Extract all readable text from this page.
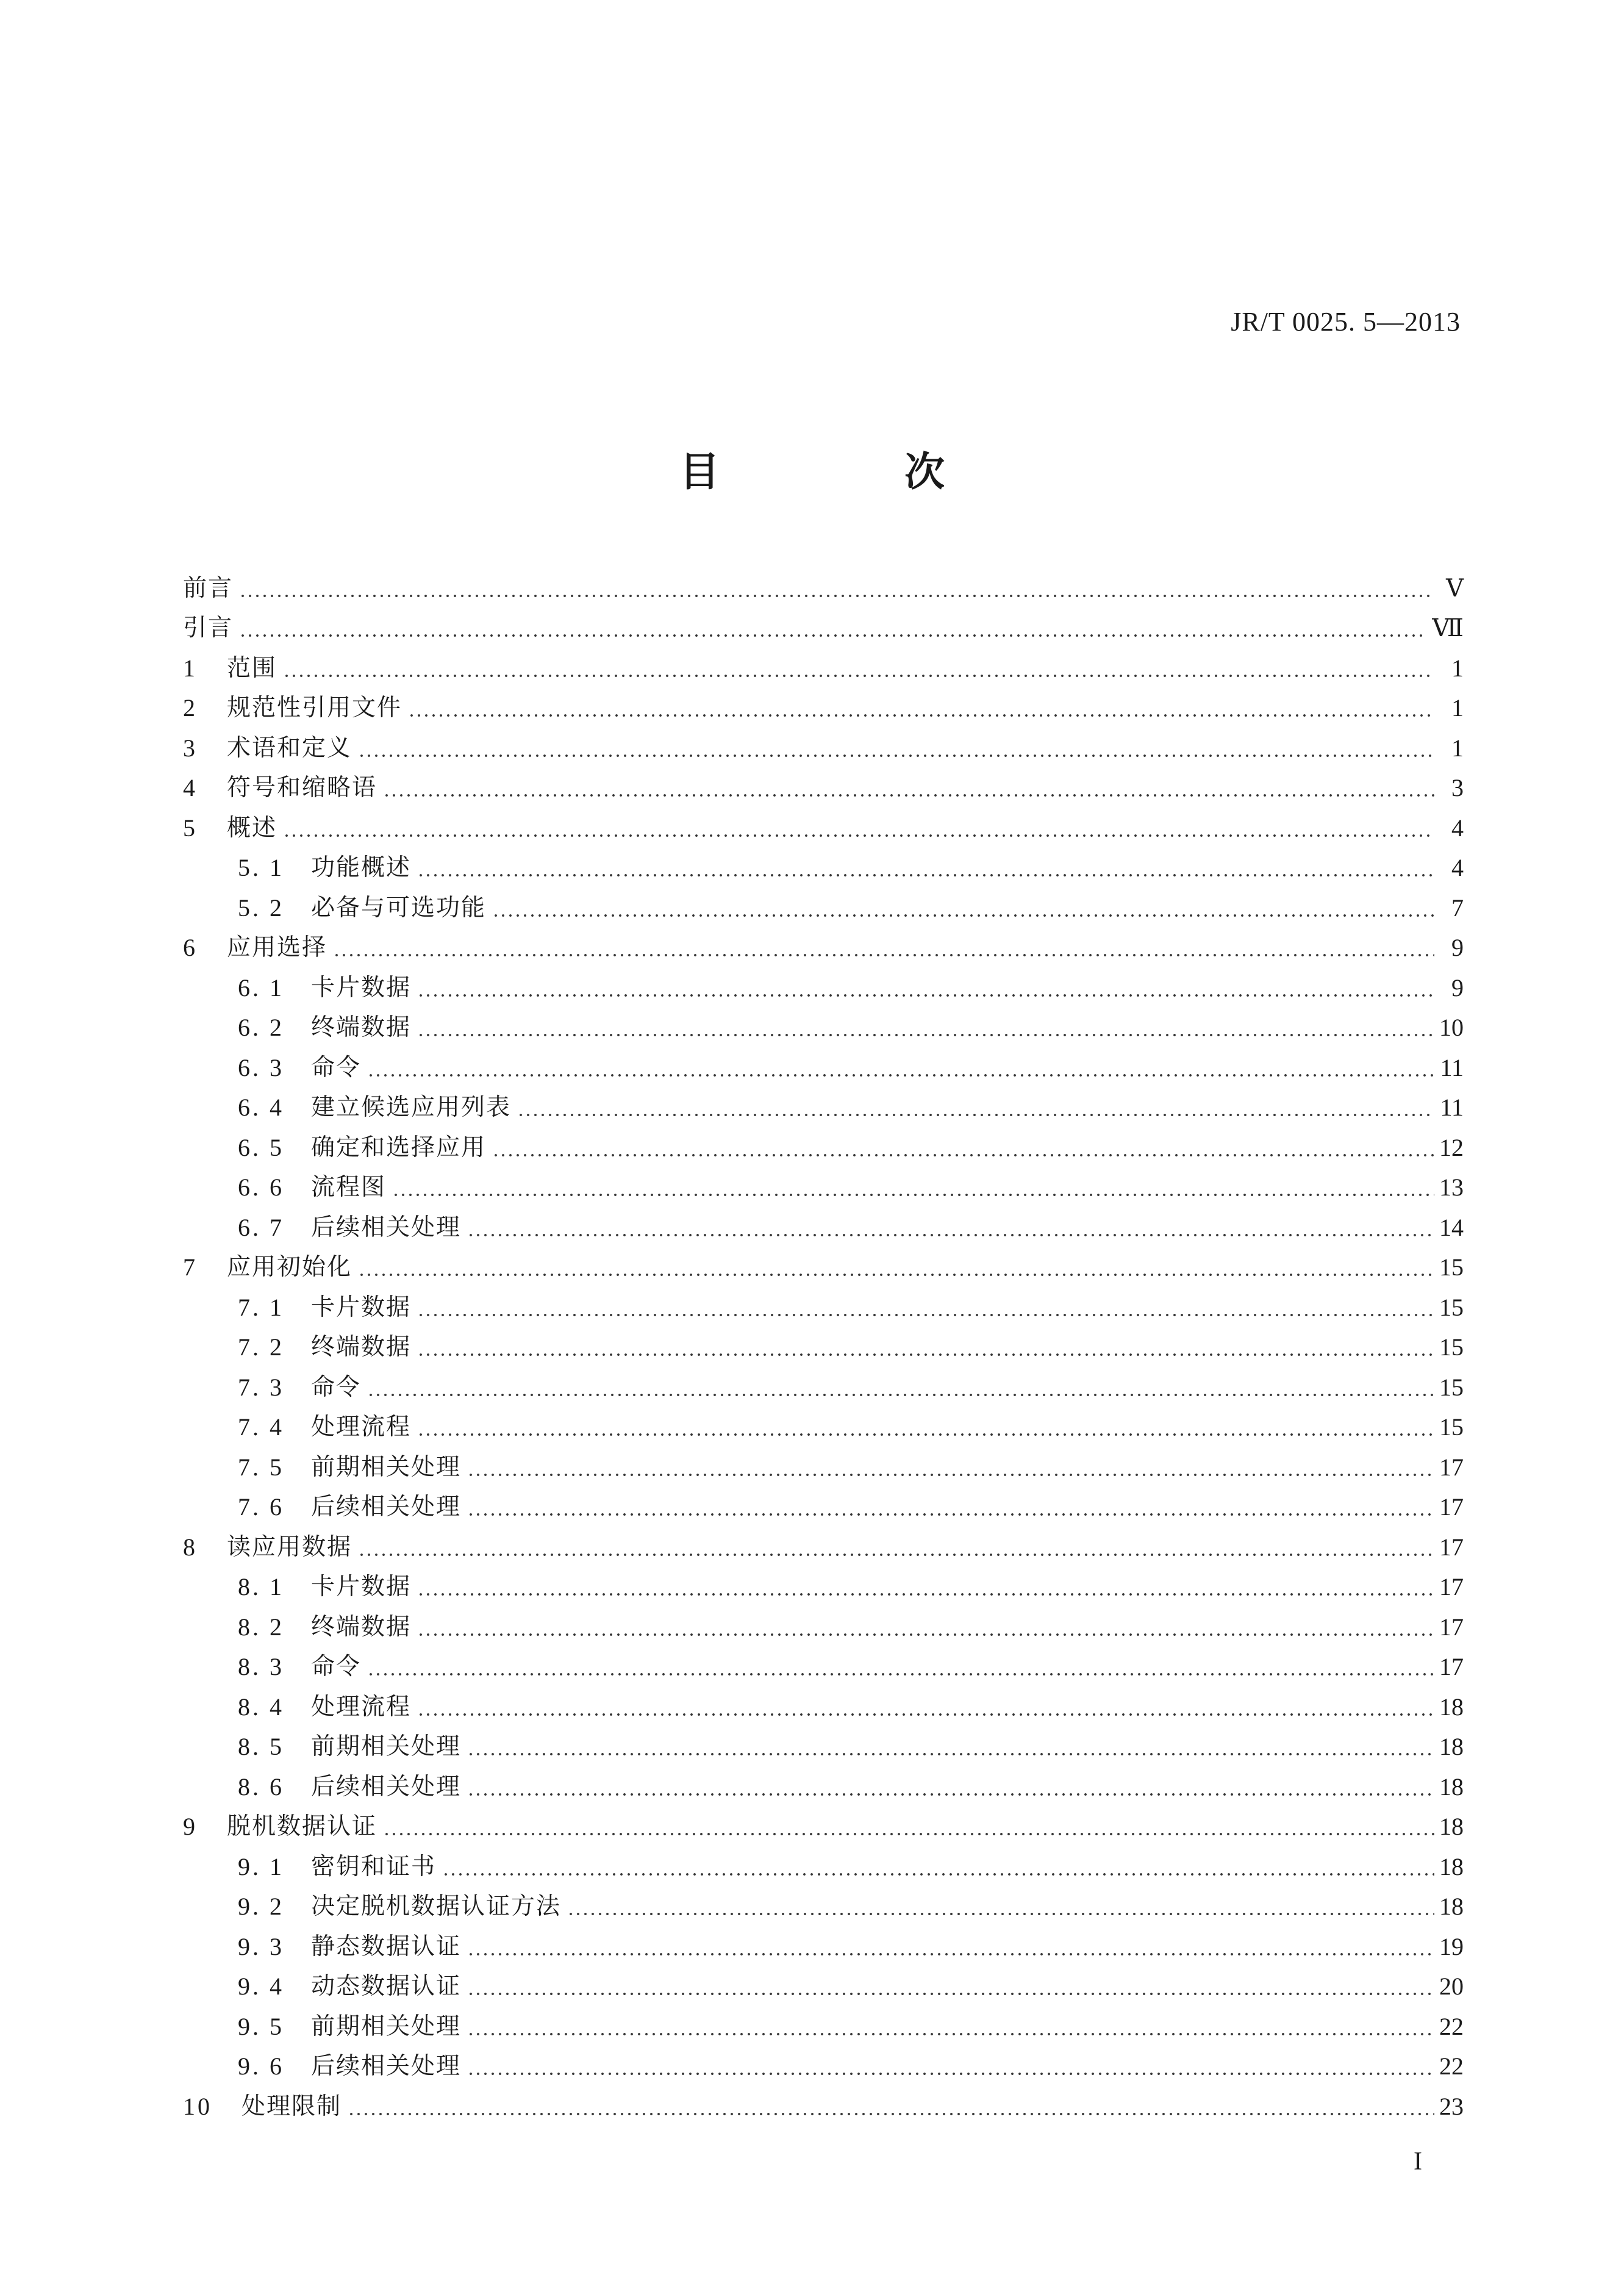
JR/T 0025. 5—2013
目 次
前言	Ⅴ
引言	Ⅶ
1	范围	1
2	规范性引用文件	1
3	术语和定义	1
4	符号和缩略语	3
5	概述	4
5. 1	功能概述	4
5. 2	必备与可选功能	7
6	应用选择	9
6. 1	卡片数据	9
6. 2	终端数据	10
6. 3	命令	11
6. 4	建立候选应用列表	11
6. 5	确定和选择应用	12
6. 6	流程图	13
6. 7	后续相关处理	14
7	应用初始化	15
7. 1	卡片数据	15
7. 2	终端数据	15
7. 3	命令	15
7. 4	处理流程	15
7. 5	前期相关处理	17
7. 6	后续相关处理	17
8	读应用数据	17
8. 1	卡片数据	17
8. 2	终端数据	17
8. 3	命令	17
8. 4	处理流程	18
8. 5	前期相关处理	18
8. 6	后续相关处理	18
9	脱机数据认证	18
9. 1	密钥和证书	18
9. 2	决定脱机数据认证方法	18
9. 3	静态数据认证	19
9. 4	动态数据认证	20
9. 5	前期相关处理	22
9. 6	后续相关处理	22
10	处理限制	23
I
